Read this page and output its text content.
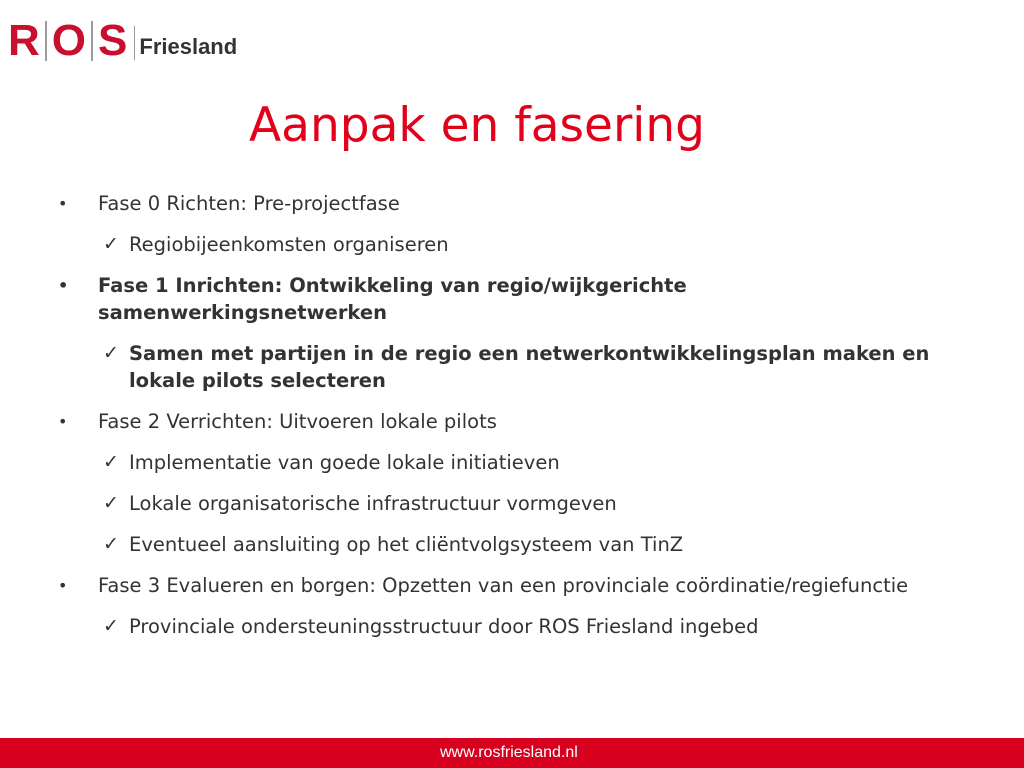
R O S Friesland
Aanpak en fasering
• Fase 0 Richten: Pre-projectfase
✓ Regiobijeenkomsten organiseren
• Fase 1 Inrichten: Ontwikkeling van regio/wijkgerichte samenwerkingsnetwerken
✓ Samen met partijen in de regio een netwerkontwikkelingsplan maken en lokale pilots selecteren
• Fase 2 Verrichten: Uitvoeren lokale pilots
✓ Implementatie van goede lokale initiatieven
✓ Lokale organisatorische infrastructuur vormgeven
✓ Eventueel aansluiting op het cliëntvolgsysteem van TinZ
• Fase 3 Evalueren en borgen: Opzetten van een provinciale coördinatie/regiefunctie
✓ Provinciale ondersteuningsstructuur door ROS Friesland ingebed
www.rosfriesland.nl
